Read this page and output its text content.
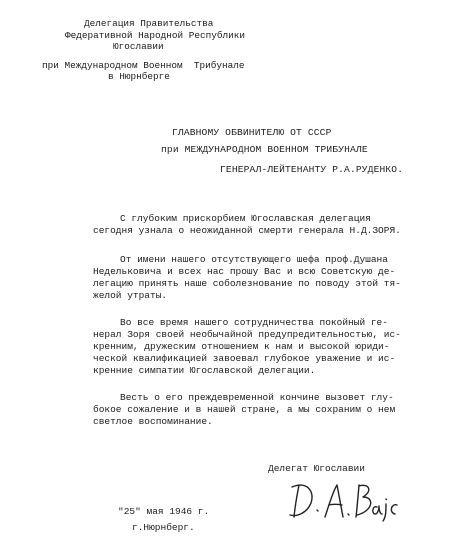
Делегация Правительства
Федеративной Народной Республики
Югославии
при Международном Военном  Трибунале
в Нюрнберге
ГЛАВНОМУ ОБВИНИТЕЛЮ ОТ СССР
при МЕЖДУНАРОДНОМ ВОЕННОМ ТРИБУНАЛЕ
ГЕНЕРАЛ-ЛЕЙТЕНАНТУ Р.А.РУДЕНКО.
С глубоким прискорбием Югославская делегация
сегодня узнала о неожиданной смерти генерала Н.Д.ЗОРЯ.
От имени нашего отсутствующего шефа проф.Душана
Недельковича и всех нас прошу Вас и всю Советскую де-
легацию принять наше соболезнование по поводу этой тя-
желой утраты.
Во все время нашего сотрудничества покойный ге-
нерал Зоря своей необычайной предупредительностью, ис-
кренним, дружеским отношением к нам и высокой юриди-
ческой квалификацией завоевал глубокое уважение и ис-
кренние симпатии Югославской делегации.
Весть о его преждевременной кончине вызовет глу-
бокое сожаление и в нашей стране, а мы сохраним о нем
светлое воспоминание.
Делегат Югославии
"25" мая 1946 г.
г.Нюрнберг.
